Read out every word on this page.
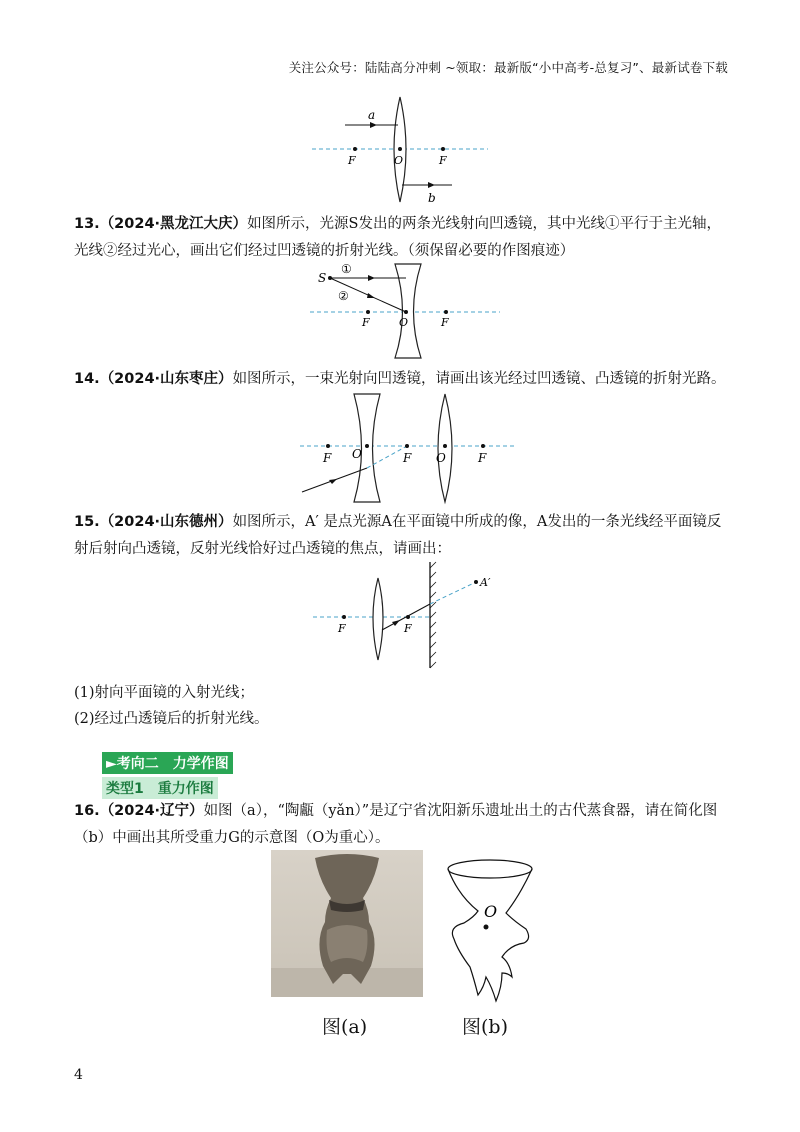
关注公众号：陆陆高分冲刺 ~领取：最新版“小中高考-总复习”、最新试卷下载
a
b
F	O	F
13.（2024·黑龙江大庆）如图所示，光源S发出的两条光线射向凹透镜，其中光线①平行于主光轴，光线②经过光心，画出它们经过凹透镜的折射光线。（须保留必要的作图痕迹）
S
①
②
F	O	F
14.（2024·山东枣庄）如图所示，一束光射向凹透镜，请画出该光经过凹透镜、凸透镜的折射光路。
F O	F O	F
15.（2024·山东德州）如图所示，A′ 是点光源A在平面镜中所成的像，A发出的一条光线经平面镜反射后射向凸透镜，反射光线恰好过凸透镜的焦点，请画出：
A′
F	F
(1)射向平面镜的入射光线；
(2)经过凸透镜后的折射光线。
►考向二　力学作图
类型1　重力作图
16.（2024·辽宁）如图（a），“陶甗（yǎn）”是辽宁省沈阳新乐遗址出土的古代蒸食器，请在简化图（b）中画出其所受重力G的示意图（O为重心）。
O
图(a)	图(b)
4
